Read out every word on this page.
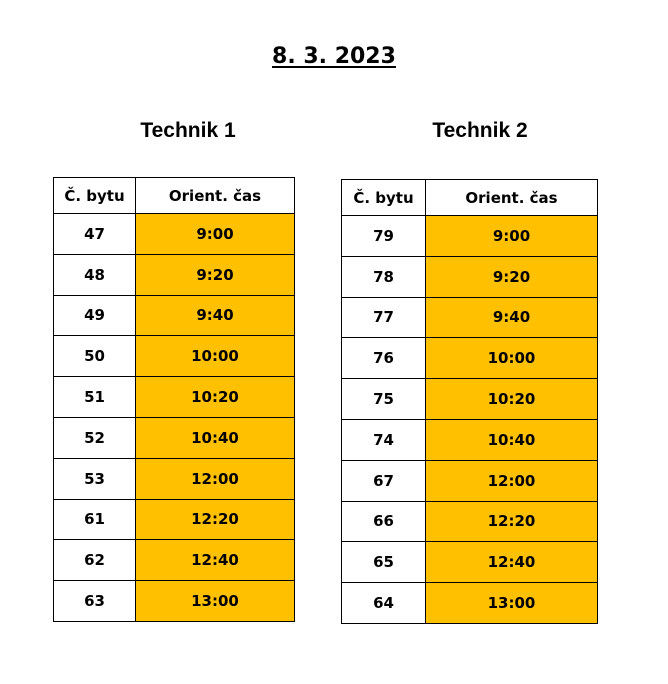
8. 3. 2023
Technik 1	Technik 2
Č. bytu	Orient. čas
47	9:00
48	9:20
49	9:40
50	10:00
51	10:20
52	10:40
53	12:00
61	12:20
62	12:40
63	13:00
Č. bytu	Orient. čas
79	9:00
78	9:20
77	9:40
76	10:00
75	10:20
74	10:40
67	12:00
66	12:20
65	12:40
64	13:00
